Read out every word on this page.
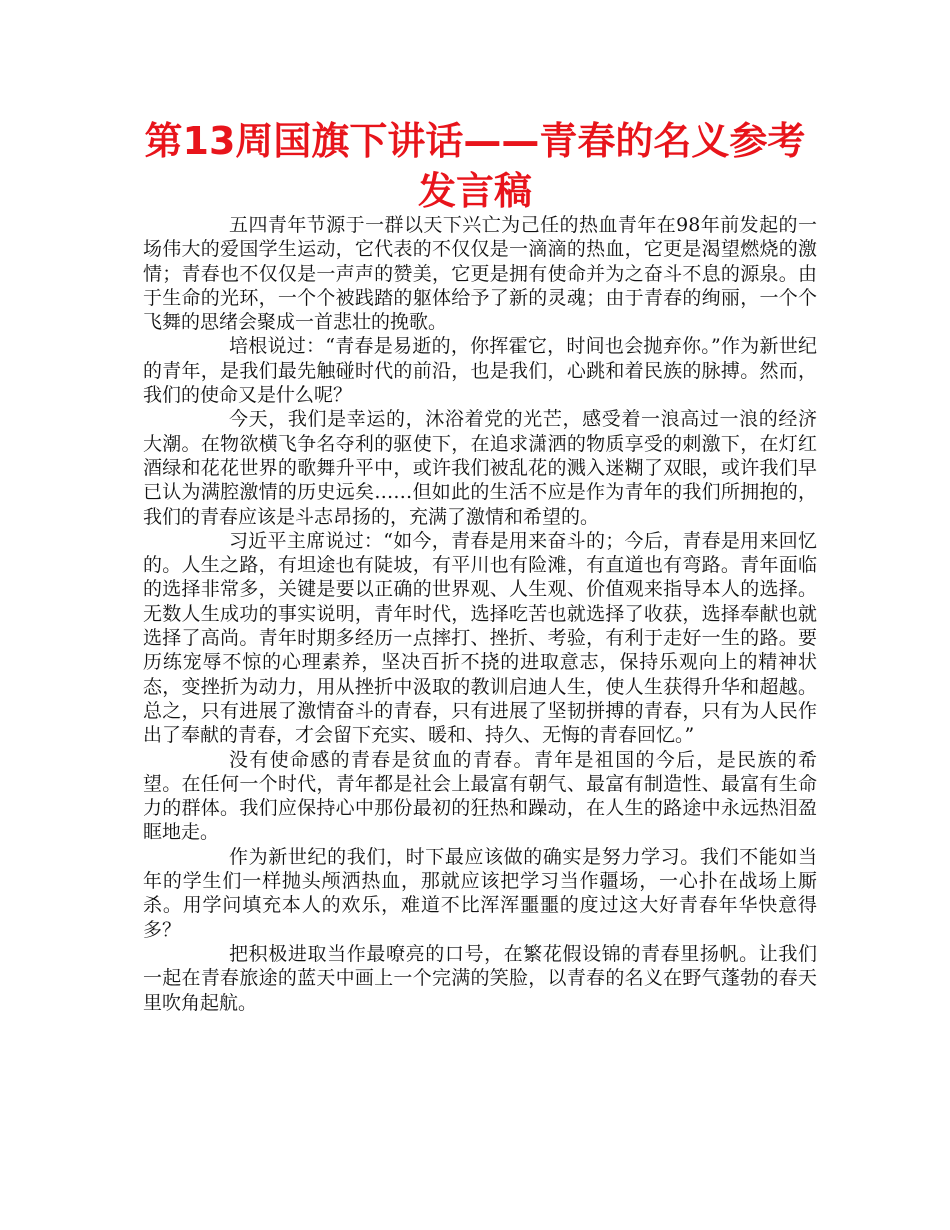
第13周国旗下讲话——青春的名义参考发言稿

五四青年节源于一群以天下兴亡为己任的热血青年在98年前发起的一场伟大的爱国学生运动，它代表的不仅仅是一滴滴的热血，它更是渴望燃烧的激情；青春也不仅仅是一声声的赞美，它更是拥有使命并为之奋斗不息的源泉。由于生命的光环，一个个被践踏的躯体给予了新的灵魂；由于青春的绚丽，一个个飞舞的思绪会聚成一首悲壮的挽歌。

培根说过：“青春是易逝的，你挥霍它，时间也会抛弃你。”作为新世纪的青年，是我们最先触碰时代的前沿，也是我们，心跳和着民族的脉搏。然而，我们的使命又是什么呢？

今天，我们是幸运的，沐浴着党的光芒，感受着一浪高过一浪的经济大潮。在物欲横飞争名夺利的驱使下，在追求潇洒的物质享受的刺激下，在灯红酒绿和花花世界的歌舞升平中，或许我们被乱花的溅入迷糊了双眼，或许我们早已认为满腔激情的历史远矣……但如此的生活不应是作为青年的我们所拥抱的，我们的青春应该是斗志昂扬的，充满了激情和希望的。

习近平主席说过：“如今，青春是用来奋斗的；今后，青春是用来回忆的。人生之路，有坦途也有陡坡，有平川也有险滩，有直道也有弯路。青年面临的选择非常多，关键是要以正确的世界观、人生观、价值观来指导本人的选择。无数人生成功的事实说明，青年时代，选择吃苦也就选择了收获，选择奉献也就选择了高尚。青年时期多经历一点摔打、挫折、考验，有利于走好一生的路。要历练宠辱不惊的心理素养，坚决百折不挠的进取意志，保持乐观向上的精神状态，变挫折为动力，用从挫折中汲取的教训启迪人生，使人生获得升华和超越。总之，只有进展了激情奋斗的青春，只有进展了坚韧拼搏的青春，只有为人民作出了奉献的青春，才会留下充实、暖和、持久、无悔的青春回忆。”

没有使命感的青春是贫血的青春。青年是祖国的今后，是民族的希望。在任何一个时代，青年都是社会上最富有朝气、最富有制造性、最富有生命力的群体。我们应保持心中那份最初的狂热和躁动，在人生的路途中永远热泪盈眶地走。

作为新世纪的我们，时下最应该做的确实是努力学习。我们不能如当年的学生们一样抛头颅洒热血，那就应该把学习当作疆场，一心扑在战场上厮杀。用学问填充本人的欢乐，难道不比浑浑噩噩的度过这大好青春年华快意得多？

把积极进取当作最嘹亮的口号，在繁花假设锦的青春里扬帆。让我们一起在青春旅途的蓝天中画上一个完满的笑脸，以青春的名义在野气蓬勃的春天里吹角起航。
